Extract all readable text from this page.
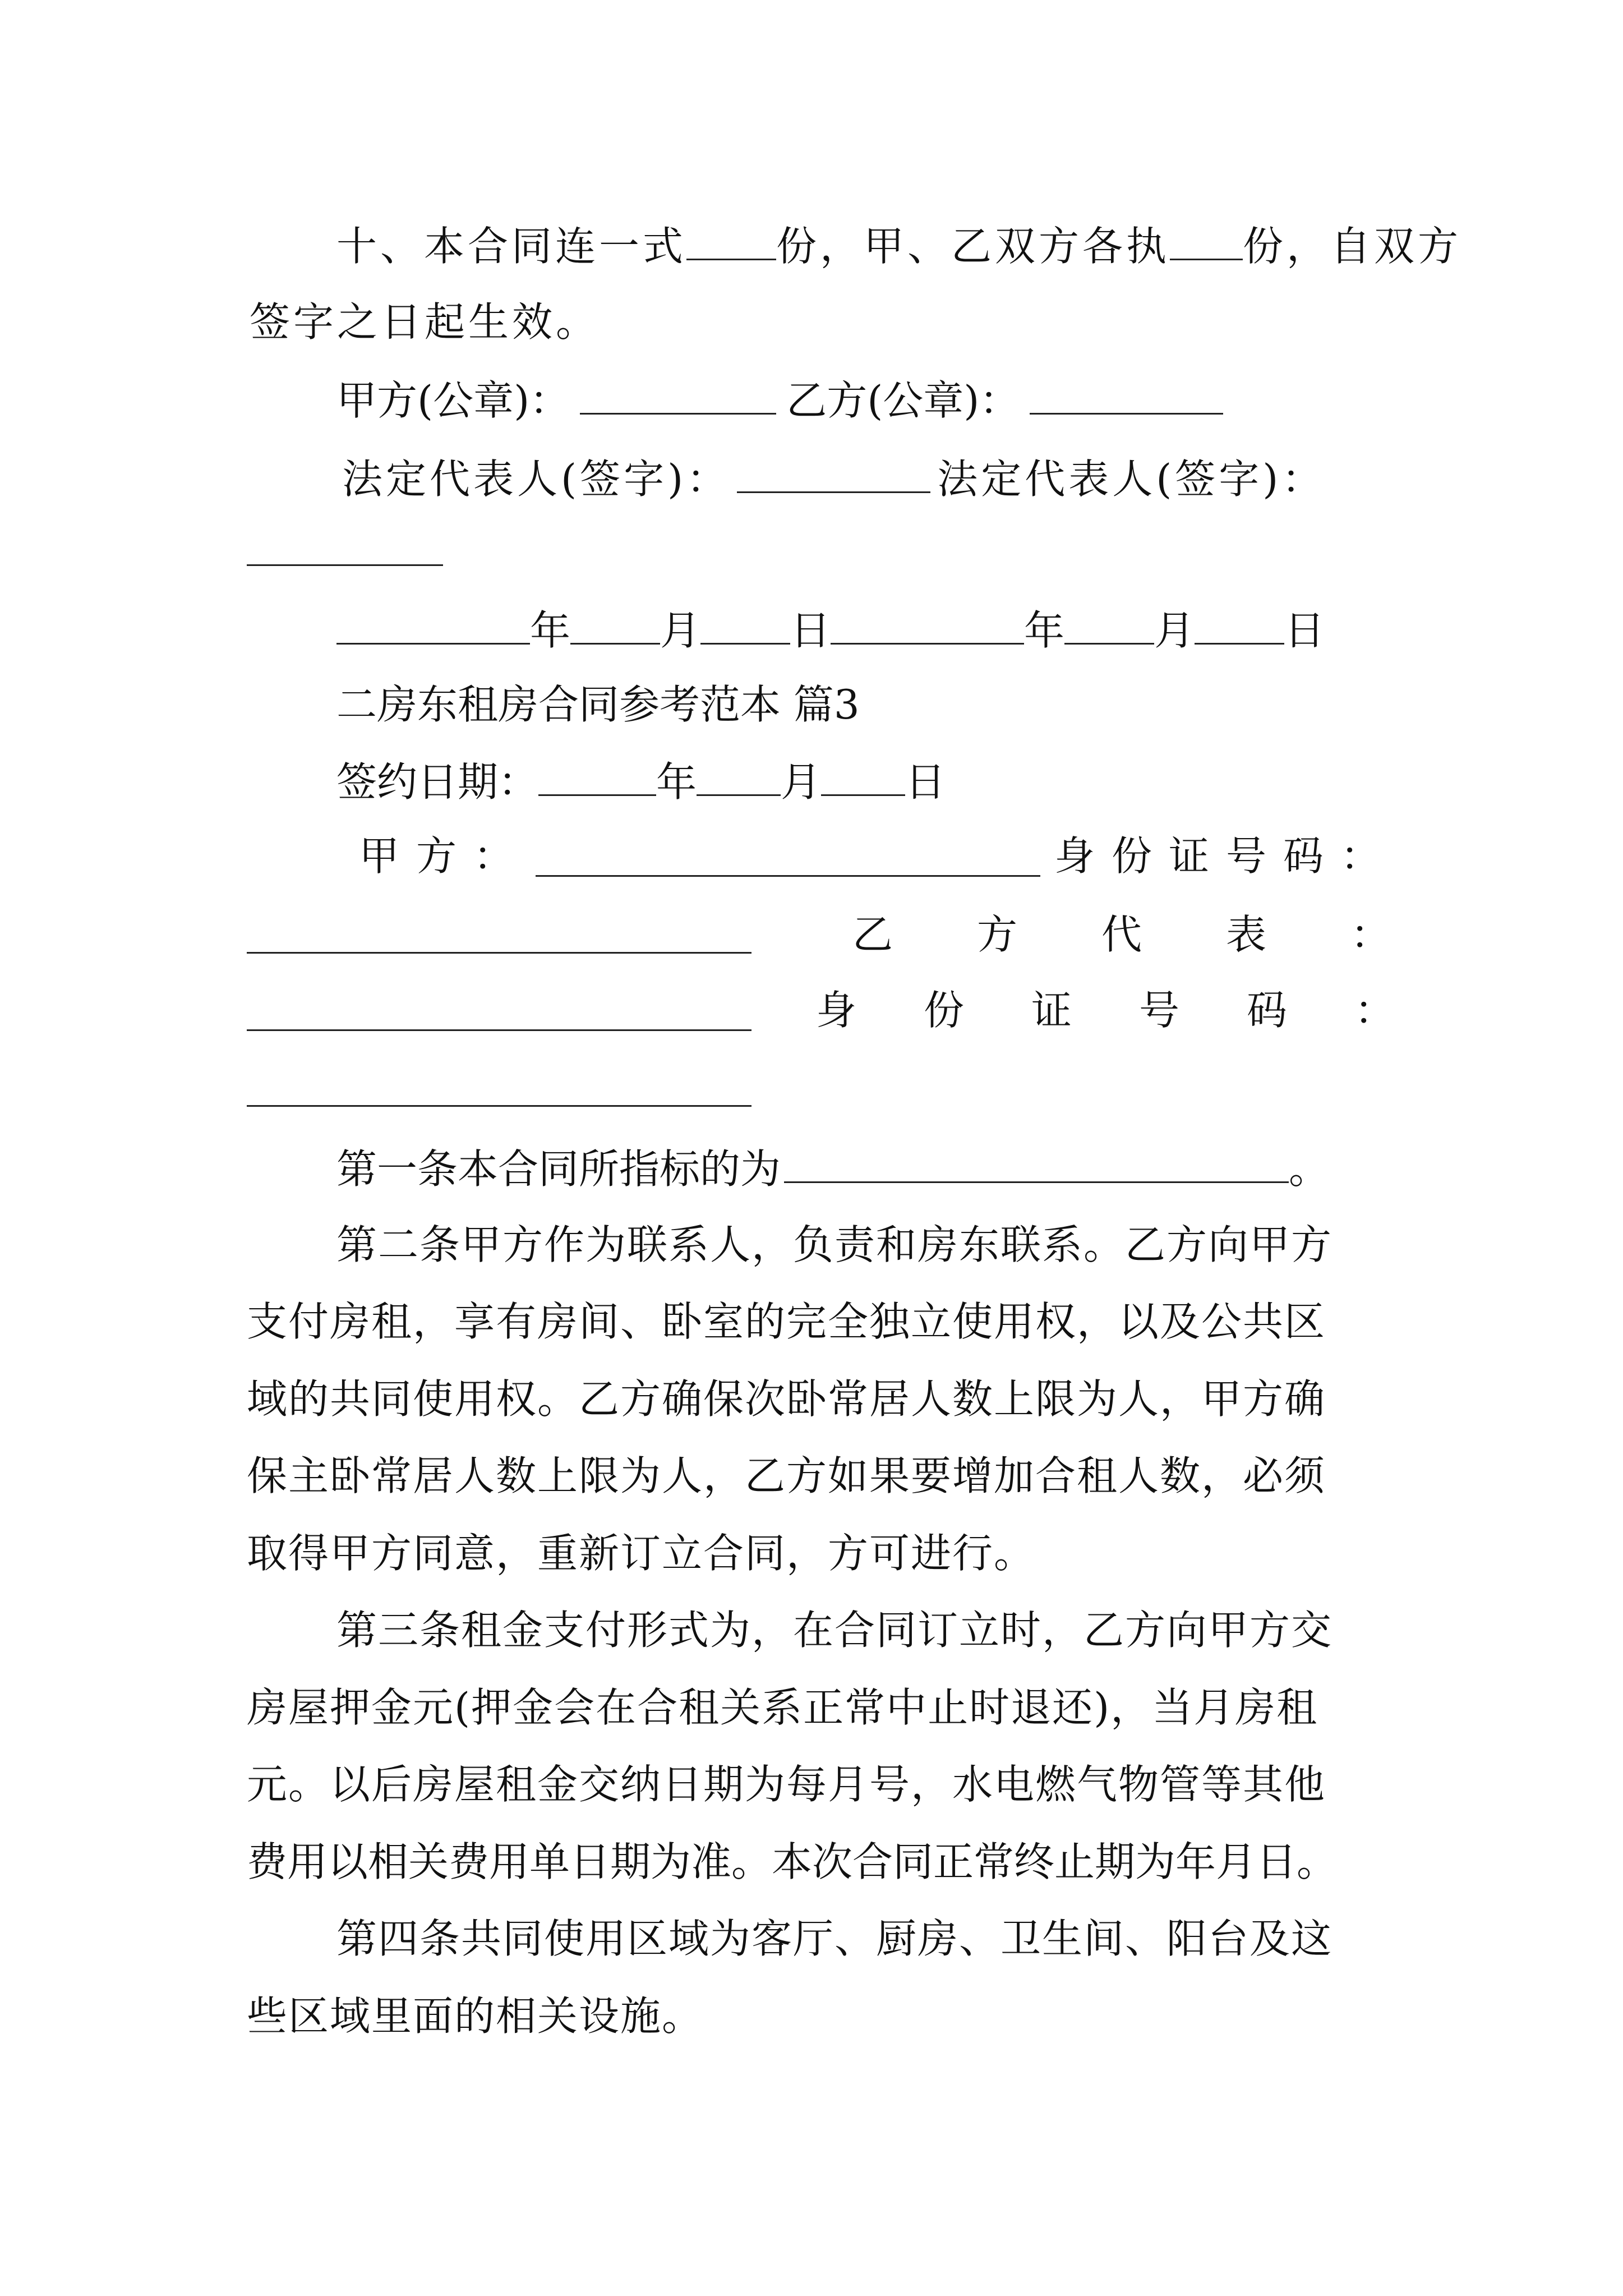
十、本合同连一式 份，甲、乙双方各执 份，自双方
签字之日起生效。
甲方(公章)：	乙方(公章)：
法定代表人(签字)：	法定代表人(签字)：
年 月 日	年 月 日
二房东租房合同参考范本 篇3
签约日期：	年 月 日
甲方：	身份证号码：
乙方代表：
身份证号码：
第一条本合同所指标的为	。
第二条甲方作为联系人，负责和房东联系。乙方向甲方
支付房租，享有房间、卧室的完全独立使用权，以及公共区
域的共同使用权。乙方确保次卧常居人数上限为人，甲方确
保主卧常居人数上限为人，乙方如果要增加合租人数，必须
取得甲方同意，重新订立合同，方可进行。
第三条租金支付形式为，在合同订立时，乙方向甲方交
房屋押金元(押金会在合租关系正常中止时退还)，当月房租
元。以后房屋租金交纳日期为每月号，水电燃气物管等其他
费用以相关费用单日期为准。本次合同正常终止期为年月日。
第四条共同使用区域为客厅、厨房、卫生间、阳台及这
些区域里面的相关设施。
